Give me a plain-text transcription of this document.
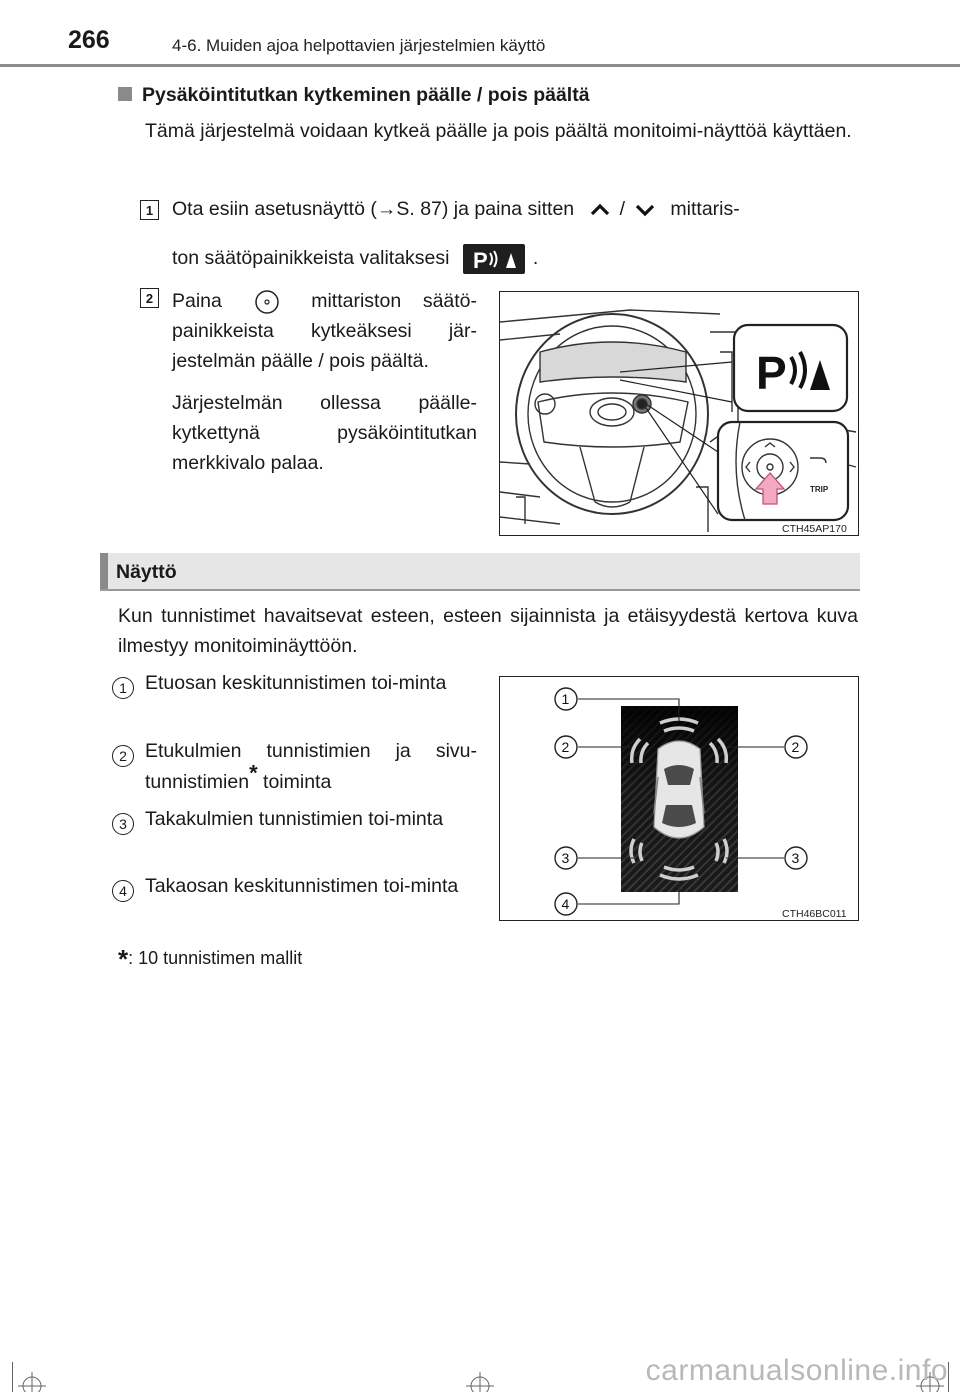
266	4-6. Muiden ajoa helpottavien järjestelmien käyttö
Pysäköintitutkan kytkeminen päälle / pois päältä
Tämä järjestelmä voidaan kytkeä päälle ja pois päältä monitoimi-näyttöä käyttäen.
1 Ota esiin asetusnäyttö (→S. 87) ja paina sitten / mittaris-
ton säätöpainikkeista valitaksesi P .
2 Paina	mittariston säätö-painikkeista kytkeäksesi jär-jestelmän päälle / pois päältä.
Järjestelmän ollessa päälle-kytkettynä pysäköintitutkan merkkivalo palaa.
P
TRIP
CTH45AP170
Näyttö
Kun tunnistimet havaitsevat esteen, esteen sijainnista ja etäisyydestä kertova kuva ilmestyy monitoiminäyttöön.
1 Etuosan keskitunnistimen toi-minta
2 Etukulmien tunnistimien ja sivu-tunnistimien* toiminta
3 Takakulmien tunnistimien toi-minta
4 Takaosan keskitunnistimen toi-minta
1
2	2
3	3
4
CTH46BC011
*: 10 tunnistimen mallit
carmanualsonline.info
